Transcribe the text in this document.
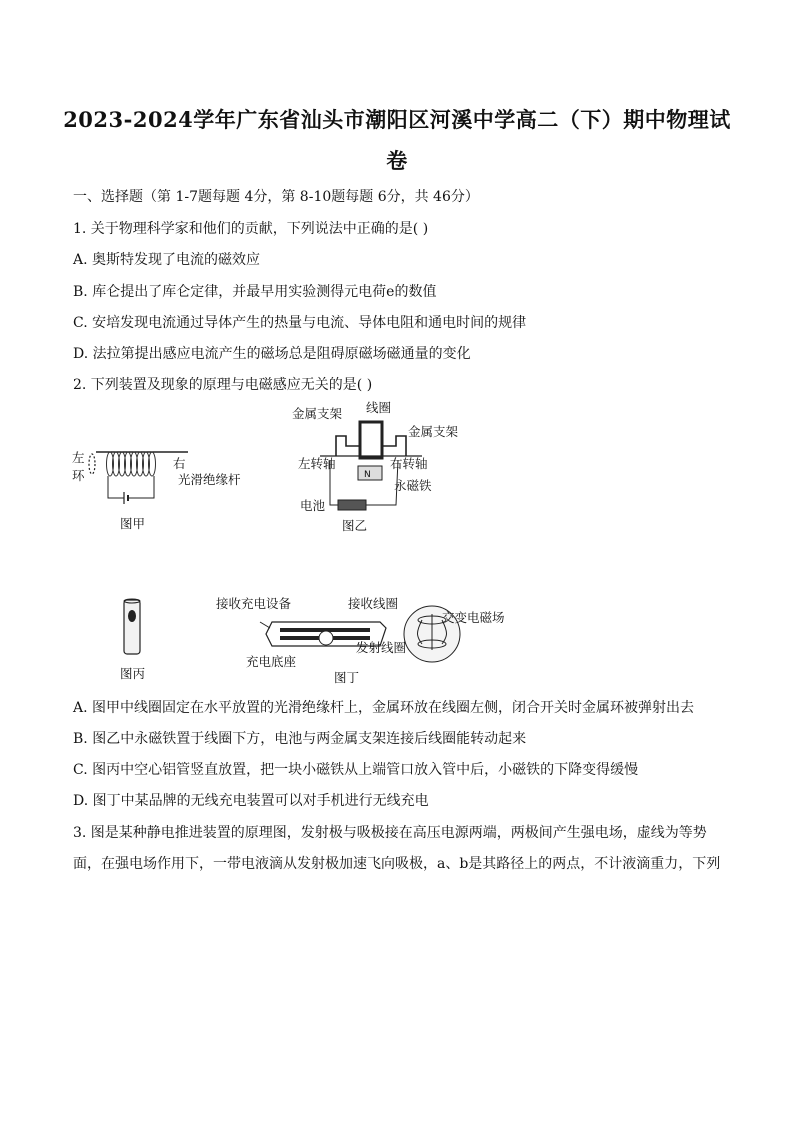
2023-2024学年广东省汕头市潮阳区河溪中学高二（下）期中物理试
卷
一、选择题（第 1-7题每题 4分，第 8-10题每题 6分，共 46分）
1. 关于物理科学家和他们的贡献，下列说法中正确的是( )
A. 奥斯特发现了电流的磁效应
B. 库仑提出了库仑定律，并最早用实验测得元电荷e的数值
C. 安培发现电流通过导体产生的热量与电流、导体电阻和通电时间的规律
D. 法拉第提出感应电流产生的磁场总是阻碍原磁场磁通量的变化
2. 下列装置及现象的原理与电磁感应无关的是( )
左
环
右
光滑绝缘杆
图甲
N
金属支架 线圈
金属支架
左转轴	右转轴
永磁铁
电池
图乙
图丙
接收充电设备	接收线圈
交变电磁场
充电底座
发射线圈
图丁
A. 图甲中线圈固定在水平放置的光滑绝缘杆上，金属环放在线圈左侧，闭合开关时金属环被弹射出去
B. 图乙中永磁铁置于线圈下方，电池与两金属支架连接后线圈能转动起来
C. 图丙中空心铝管竖直放置，把一块小磁铁从上端管口放入管中后，小磁铁的下降变得缓慢
D. 图丁中某品牌的无线充电装置可以对手机进行无线充电
3. 图是某种静电推进装置的原理图，发射极与吸极接在高压电源两端，两极间产生强电场，虚线为等势
面，在强电场作用下，一带电液滴从发射极加速飞向吸极，a、b是其路径上的两点，不计液滴重力，下列
